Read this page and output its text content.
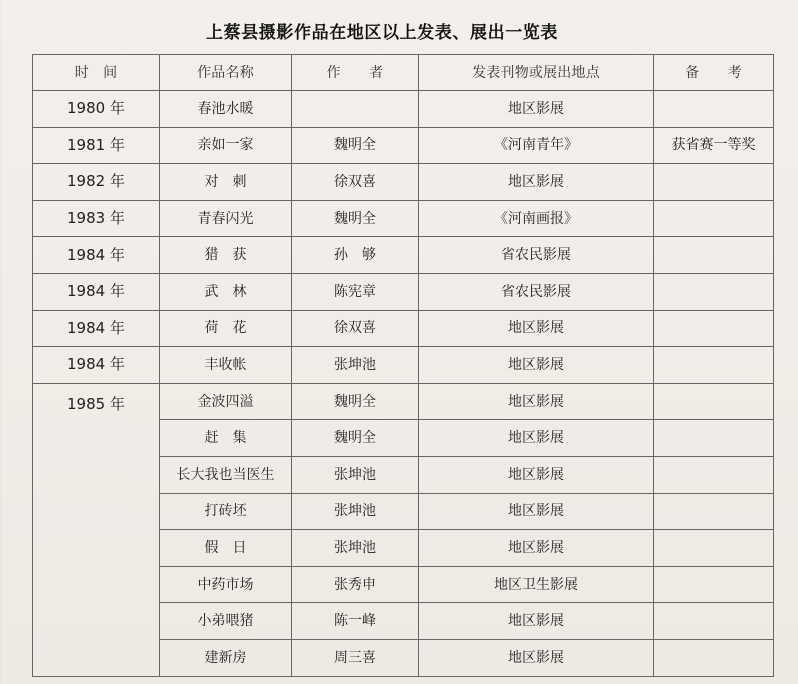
上蔡县摄影作品在地区以上发表、展出一览表
时　间	作品名称	作　　者	发表刊物或展出地点	备　　考
1980 年	春池水暖		地区影展	
1981 年	亲如一家	魏明全	《河南青年》	获省赛一等奖
1982 年	对　刺	徐双喜	地区影展	
1983 年	青春闪光	魏明全	《河南画报》	
1984 年	猎　获	孙　够	省农民影展	
1984 年	武　林	陈宪章	省农民影展	
1984 年	荷　花	徐双喜	地区影展	
1984 年	丰收帐	张坤池	地区影展	
1985 年	金波四溢	魏明全	地区影展	
	赶　集	魏明全	地区影展	
	长大我也当医生	张坤池	地区影展	
	打砖坯	张坤池	地区影展	
	假　日	张坤池	地区影展	
	中药市场	张秀申	地区卫生影展	
	小弟喂猪	陈一峰	地区影展	
	建新房	周三喜	地区影展	
